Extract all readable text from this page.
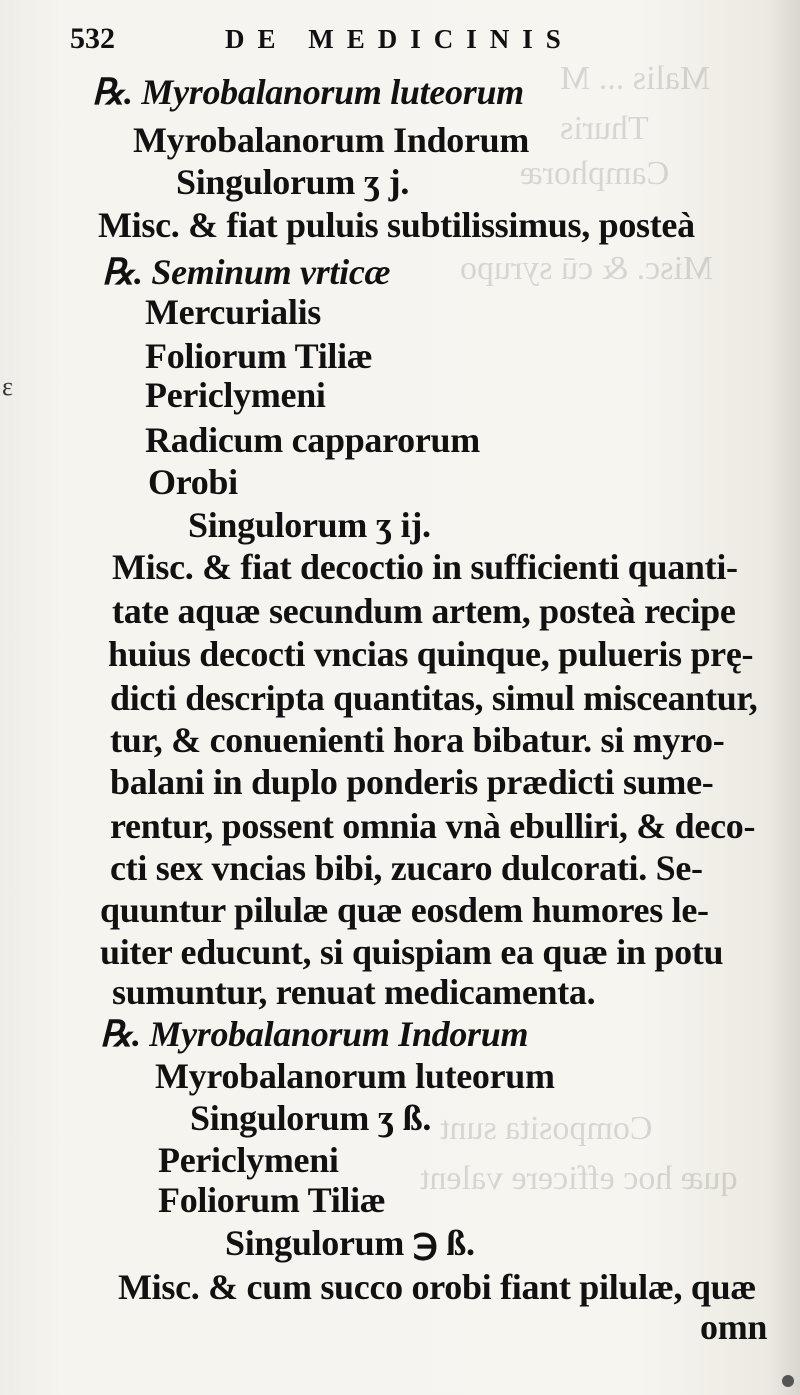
Malis ... M
Thuris
Camphoræ
Misc. & cū syrupo
Composita sunt
quæ hoc efficere valent
532	DE MEDICINIS
ε
℞. Myrobalanorum luteorum
Myrobalanorum Indorum
Singulorum ʒ j.
Misc. & fiat puluis subtilissimus, posteà
℞. Seminum vrticæ
Mercurialis
Foliorum Tiliæ
Periclymeni
Radicum capparorum
Orobi
Singulorum ʒ ij.
Misc. & fiat decoctio in sufficienti quanti-
tate aquæ secundum artem, posteà recipe
huius decocti vncias quinque, pulueris prę-
dicti descripta quantitas, simul misceantur,
tur, & conuenienti hora bibatur. si myro-
balani in duplo ponderis prædicti sume-
rentur, possent omnia vnà ebulliri, & deco-
cti sex vncias bibi, zucaro dulcorati. Se-
quuntur pilulæ quæ eosdem humores le-
uiter educunt, si quispiam ea quæ in potu
sumuntur, renuat medicamenta.
℞. Myrobalanorum Indorum
Myrobalanorum luteorum
Singulorum ʒ ß.
Periclymeni
Foliorum Tiliæ
Singulorum ℈ ß.
Misc. & cum succo orobi fiant pilulæ, quæ
omn
